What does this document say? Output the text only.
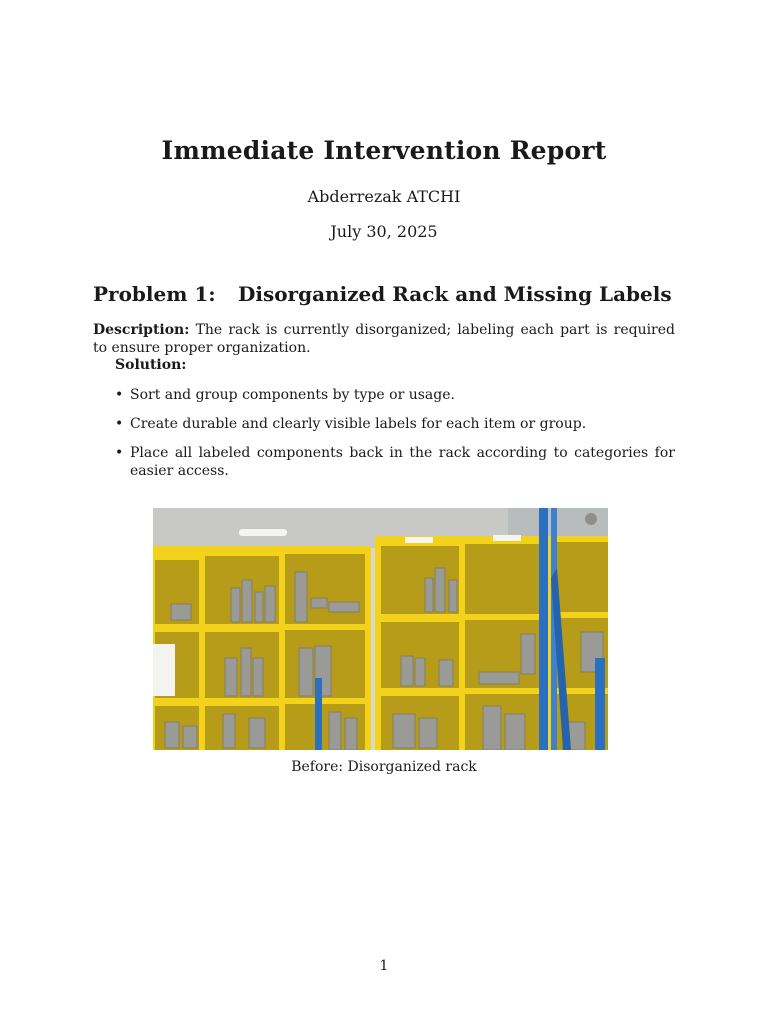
Immediate Intervention Report
Abderrezak ATCHI
July 30, 2025
Problem 1: Disorganized Rack and Missing Labels
Description: The rack is currently disorganized; labeling each part is required to ensure proper organization.
Solution:
• Sort and group components by type or usage.
• Create durable and clearly visible labels for each item or group.
• Place all labeled components back in the rack according to categories for easier access.
Before: Disorganized rack
1
